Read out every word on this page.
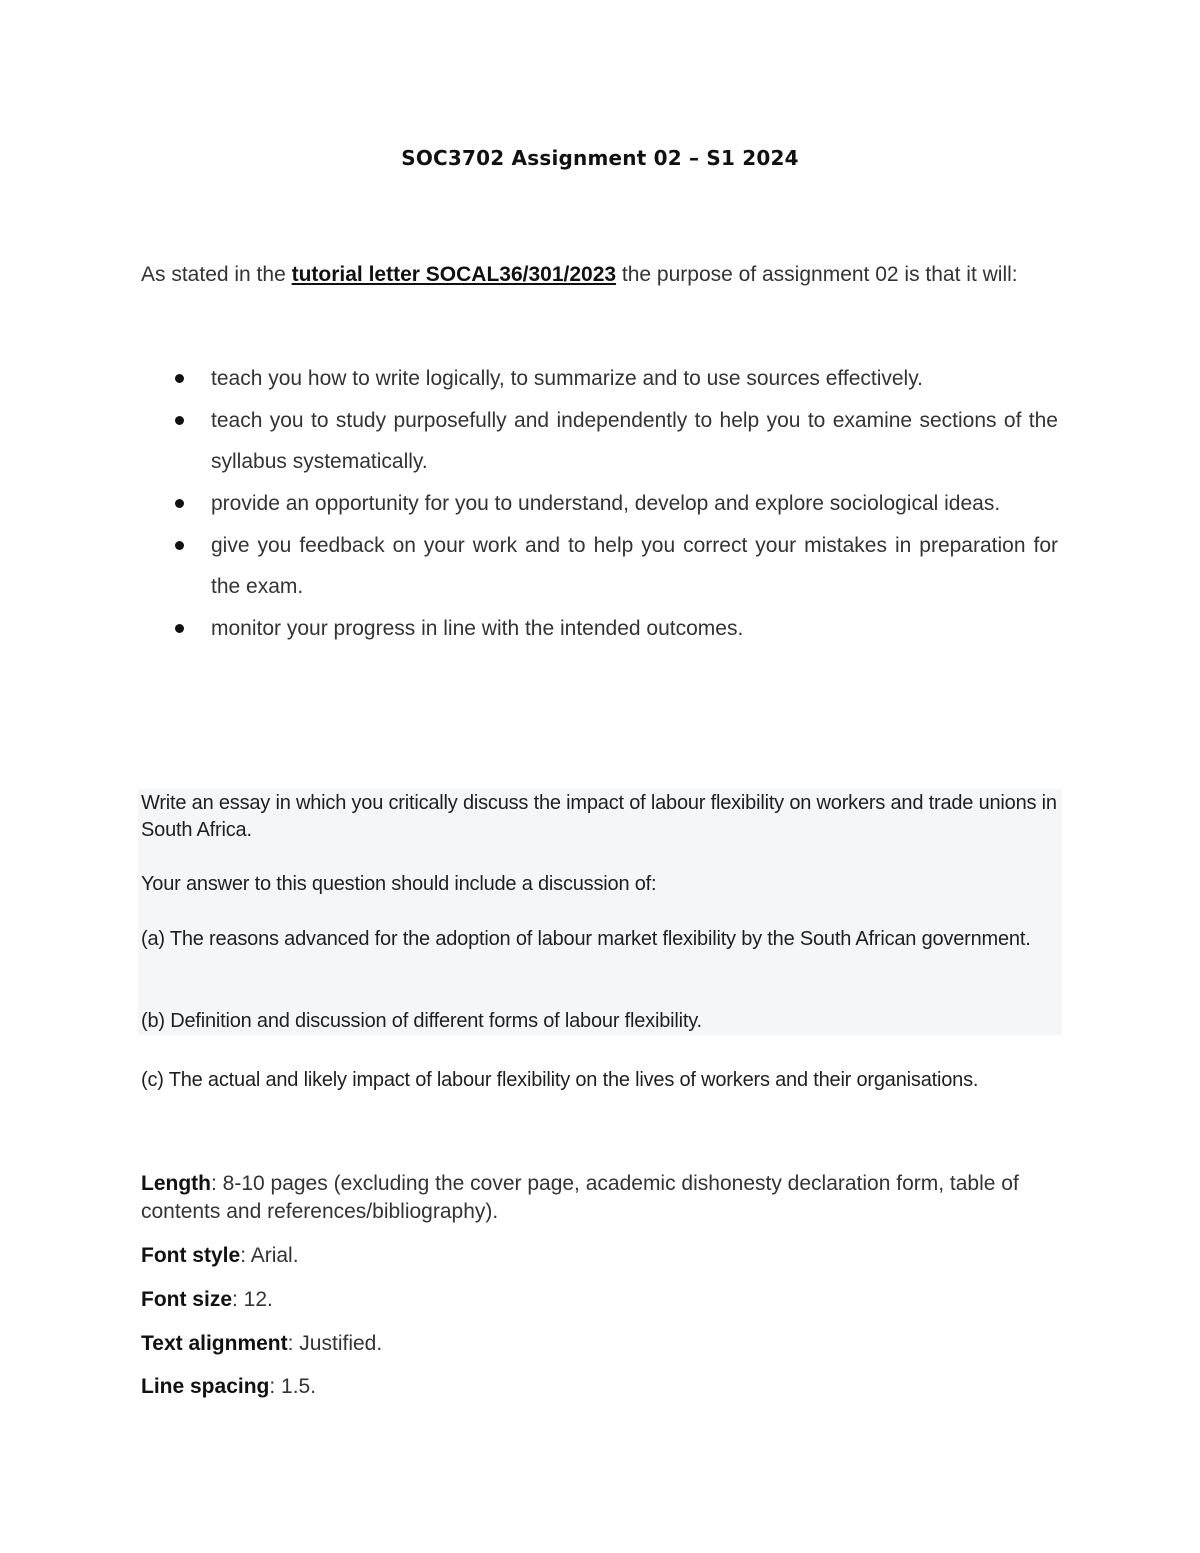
SOC3702 Assignment 02 – S1 2024

As stated in the tutorial letter SOCAL36/301/2023 the purpose of assignment 02 is that it will:

teach you how to write logically, to summarize and to use sources effectively.
teach you to study purposefully and independently to help you to examine sections of the syllabus systematically.
provide an opportunity for you to understand, develop and explore sociological ideas.
give you feedback on your work and to help you correct your mistakes in preparation for the exam.
monitor your progress in line with the intended outcomes.
Write an essay in which you critically discuss the impact of labour flexibility on workers and trade unions in South Africa.
Your answer to this question should include a discussion of:
(a) The reasons advanced for the adoption of labour market flexibility by the South African government.
(b) Definition and discussion of different forms of labour flexibility.
(c) The actual and likely impact of labour flexibility on the lives of workers and their organisations.
Length: 8-10 pages (excluding the cover page, academic dishonesty declaration form, table of contents and references/bibliography).
Font style: Arial.
Font size: 12.
Text alignment: Justified.
Line spacing: 1.5.
